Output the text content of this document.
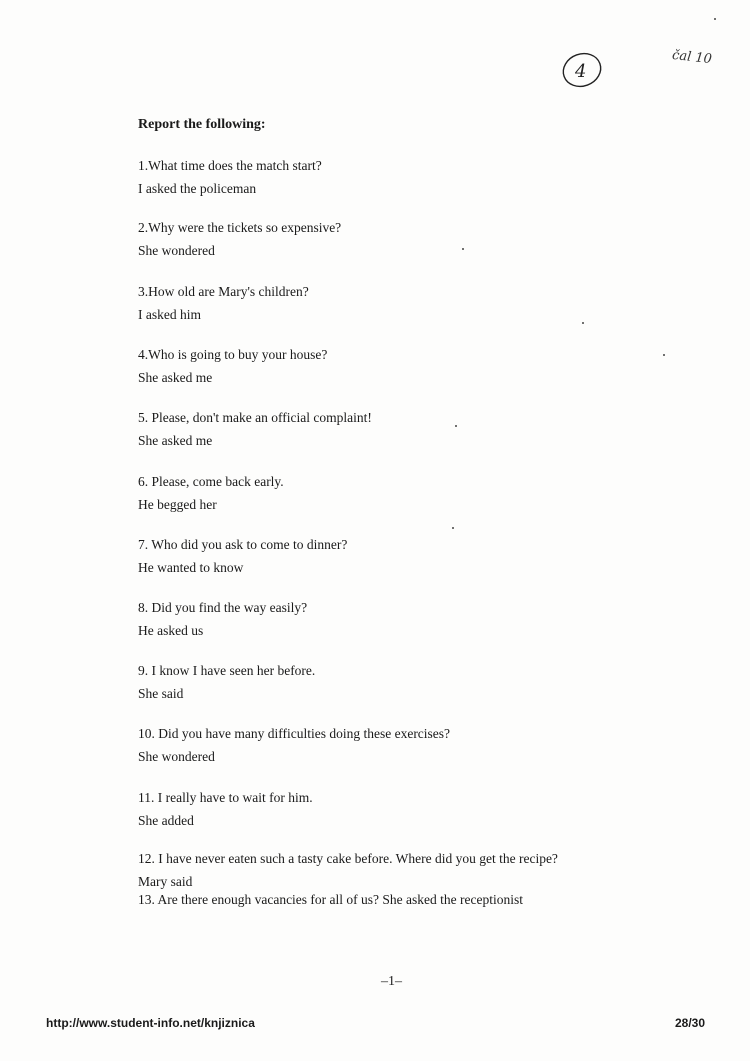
4
čal 10
Report the following:
1.What time does the match start?
I asked the policeman
2.Why were the tickets so expensive?
She wondered
3.How old are Mary's children?
I asked him
4.Who is going to buy your house?
She asked me
5. Please, don't make an official complaint!
She asked me
6. Please, come back early.
He begged her
7. Who did you ask to come to dinner?
He wanted to know
8. Did you find the way easily?
He asked us
9. I know I have seen her before.
She said
10. Did you have many difficulties doing these exercises?
She wondered
11. I really have to wait for him.
She added
12. I have never eaten such a tasty cake before. Where did you get the recipe?
Mary said
13. Are there enough vacancies for all of us? She asked the receptionist
–1–
http://www.student-info.net/knjiznica	28/30
